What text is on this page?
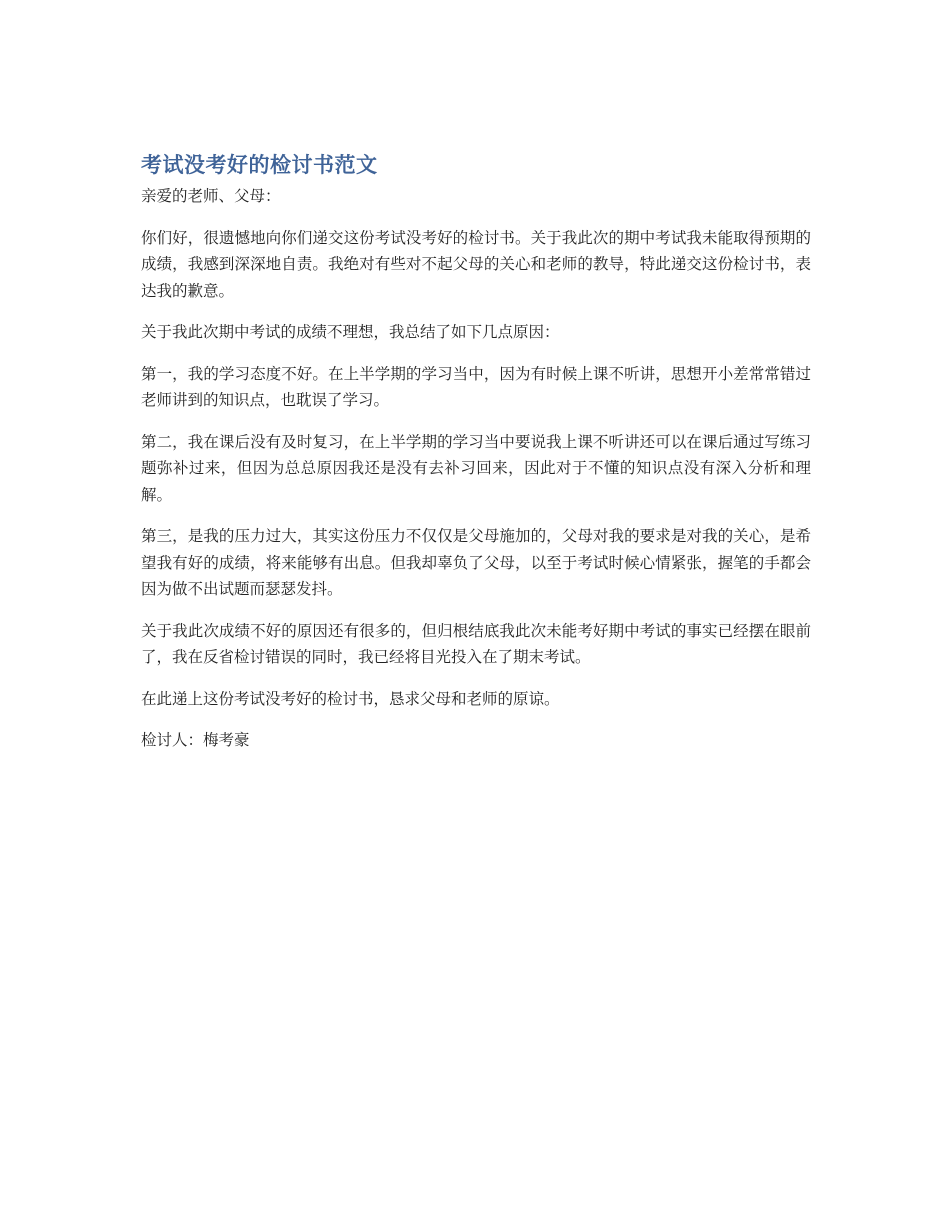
考试没考好的检讨书范文

亲爱的老师、父母：

你们好，很遗憾地向你们递交这份考试没考好的检讨书。关于我此次的期中考试我未能取得预期的成绩，我感到深深地自责。我绝对有些对不起父母的关心和老师的教导，特此递交这份检讨书，表达我的歉意。

关于我此次期中考试的成绩不理想，我总结了如下几点原因：

第一，我的学习态度不好。在上半学期的学习当中，因为有时候上课不听讲，思想开小差常常错过老师讲到的知识点，也耽误了学习。

第二，我在课后没有及时复习，在上半学期的学习当中要说我上课不听讲还可以在课后通过写练习题弥补过来，但因为总总原因我还是没有去补习回来，因此对于不懂的知识点没有深入分析和理解。

第三，是我的压力过大，其实这份压力不仅仅是父母施加的，父母对我的要求是对我的关心，是希望我有好的成绩，将来能够有出息。但我却辜负了父母，以至于考试时候心情紧张，握笔的手都会因为做不出试题而瑟瑟发抖。

关于我此次成绩不好的原因还有很多的，但归根结底我此次未能考好期中考试的事实已经摆在眼前了，我在反省检讨错误的同时，我已经将目光投入在了期末考试。

在此递上这份考试没考好的检讨书，恳求父母和老师的原谅。

检讨人：梅考豪
